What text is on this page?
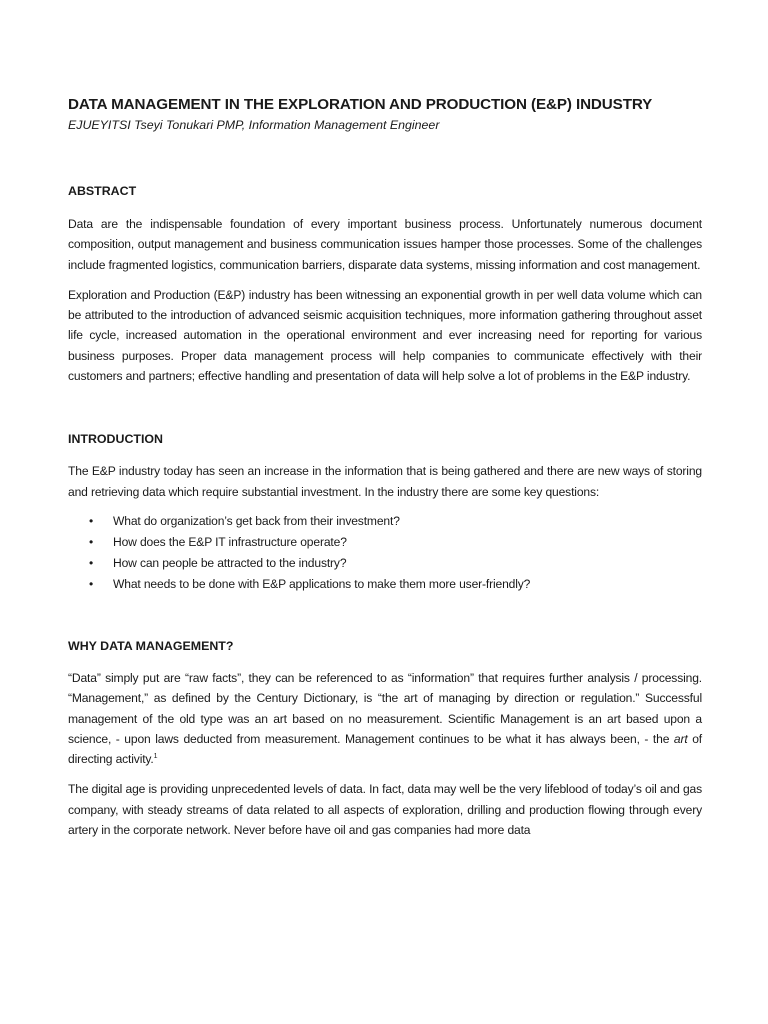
DATA MANAGEMENT IN THE EXPLORATION AND PRODUCTION (E&P) INDUSTRY

EJUEYITSI Tseyi Tonukari PMP, Information Management Engineer

ABSTRACT

Data are the indispensable foundation of every important business process. Unfortunately numerous document composition, output management and business communication issues hamper those processes. Some of the challenges include fragmented logistics, communication barriers, disparate data systems, missing information and cost management.

Exploration and Production (E&P) industry has been witnessing an exponential growth in per well data volume which can be attributed to the introduction of advanced seismic acquisition techniques, more information gathering throughout asset life cycle, increased automation in the operational environment and ever increasing need for reporting for various business purposes. Proper data management process will help companies to communicate effectively with their customers and partners; effective handling and presentation of data will help solve a lot of problems in the E&P industry.

INTRODUCTION

The E&P industry today has seen an increase in the information that is being gathered and there are new ways of storing and retrieving data which require substantial investment. In the industry there are some key questions:

• What do organization’s get back from their investment?
• How does the E&P IT infrastructure operate?
• How can people be attracted to the industry?
• What needs to be done with E&P applications to make them more user-friendly?
WHY DATA MANAGEMENT?

“Data” simply put are “raw facts”, they can be referenced to as “information” that requires further analysis / processing. “Management,” as defined by the Century Dictionary, is “the art of managing by direction or regulation.” Successful management of the old type was an art based on no measurement. Scientific Management is an art based upon a science, - upon laws deducted from measurement. Management continues to be what it has always been, - the art of directing activity.$^1$

The digital age is providing unprecedented levels of data. In fact, data may well be the very lifeblood of today’s oil and gas company, with steady streams of data related to all aspects of exploration, drilling and production flowing through every artery in the corporate network. Never before have oil and gas companies had more data
